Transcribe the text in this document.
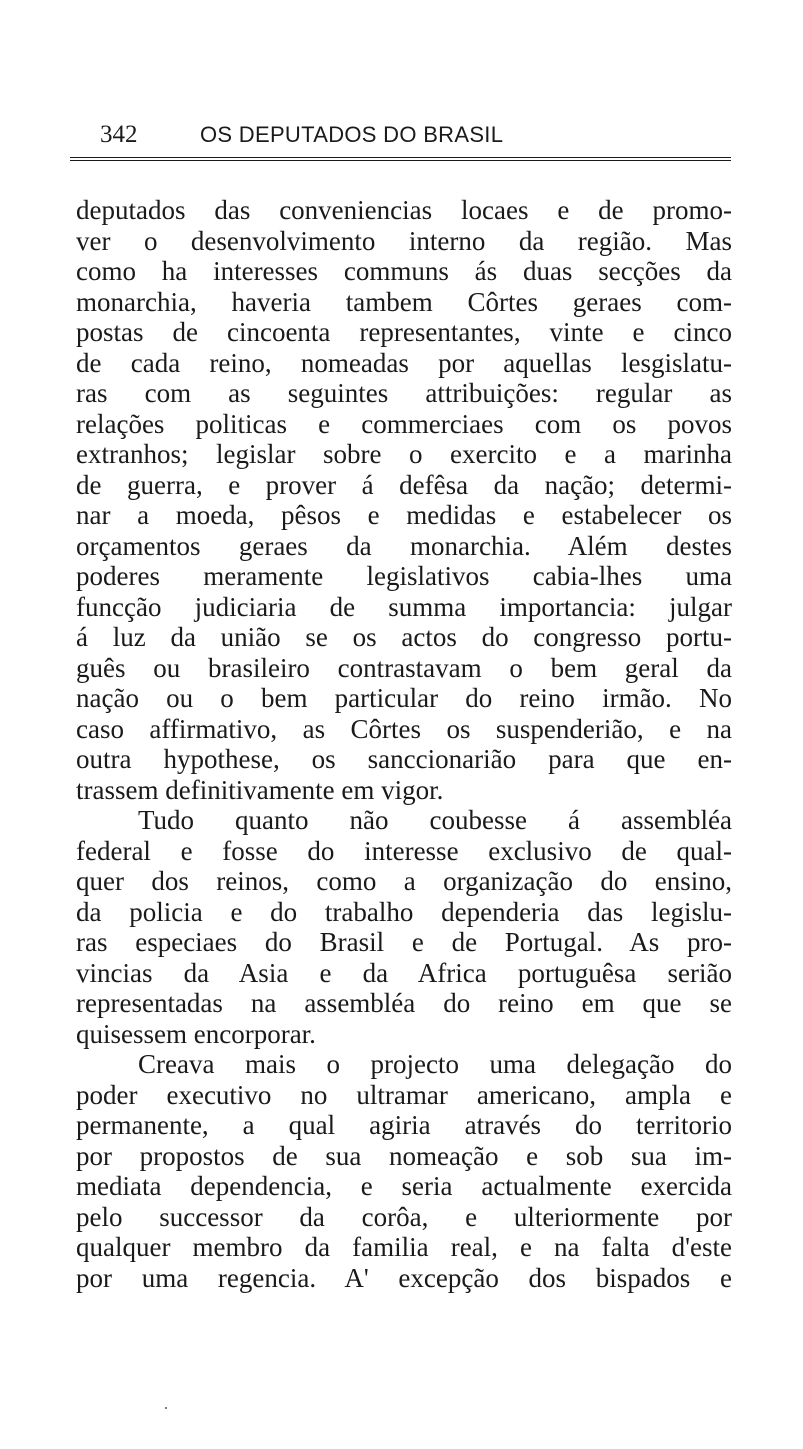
342	OS DEPUTADOS DO BRASIL
deputados das conveniencias locaes e de promo-
ver o desenvolvimento interno da região. Mas
como ha interesses communs ás duas secções da
monarchia, haveria tambem Côrtes geraes com-
postas de cincoenta representantes, vinte e cinco
de cada reino, nomeadas por aquellas lesgislatu-
ras com as seguintes attribuições: regular as
relações politicas e commerciaes com os povos
extranhos; legislar sobre o exercito e a marinha
de guerra, e prover á defêsa da nação; determi-
nar a moeda, pêsos e medidas e estabelecer os
orçamentos geraes da monarchia. Além destes
poderes meramente legislativos cabia-lhes uma
funcção judiciaria de summa importancia: julgar
á luz da união se os actos do congresso portu-
guês ou brasileiro contrastavam o bem geral da
nação ou o bem particular do reino irmão. No
caso affirmativo, as Côrtes os suspenderião, e na
outra hypothese, os sanccionarião para que en-
trassem definitivamente em vigor.
Tudo quanto não coubesse á assembléa
federal e fosse do interesse exclusivo de qual-
quer dos reinos, como a organização do ensino,
da policia e do trabalho dependeria das legislu-
ras especiaes do Brasil e de Portugal. As pro-
vincias da Asia e da Africa portuguêsa serião
representadas na assembléa do reino em que se
quisessem encorporar.
Creava mais o projecto uma delegação do
poder executivo no ultramar americano, ampla e
permanente, a qual agiria através do territorio
por propostos de sua nomeação e sob sua im-
mediata dependencia, e seria actualmente exercida
pelo successor da corôa, e ulteriormente por
qualquer membro da familia real, e na falta d'este
por uma regencia. A' excepção dos bispados e
